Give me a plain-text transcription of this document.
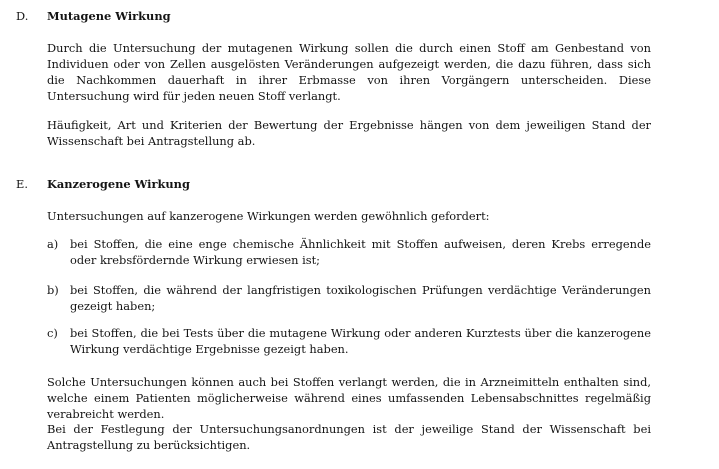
D.	Mutagene Wirkung

Durch die Untersuchung der mutagenen Wirkung sollen die durch einen Stoff am Genbestand von Individuen oder von Zellen ausgelösten Veränderungen aufgezeigt werden, die dazu führen, dass sich die Nachkommen dauerhaft in ihrer Erbmasse von ihren Vorgängern unterscheiden. Diese Untersuchung wird für jeden neuen Stoff verlangt.

Häufigkeit, Art und Kriterien der Bewertung der Ergebnisse hängen von dem jeweiligen Stand der Wissenschaft bei Antragstellung ab.

E.	Kanzerogene Wirkung

Untersuchungen auf kanzerogene Wirkungen werden gewöhnlich gefordert:

a)	bei Stoffen, die eine enge chemische Ähnlichkeit mit Stoffen aufweisen, deren Krebs erregende oder krebsfördernde Wirkung erwiesen ist;
b) bei Stoffen, die während der langfristigen toxikologischen Prüfungen verdächtige Veränderungen gezeigt haben;
c)	bei Stoffen, die bei Tests über die mutagene Wirkung oder anderen Kurztests über die kanzerogene Wirkung verdächtige Ergebnisse gezeigt haben.

Solche Untersuchungen können auch bei Stoffen verlangt werden, die in Arzneimitteln enthalten sind, welche einem Patienten möglicherweise während eines umfassenden Lebensabschnittes regelmäßig verabreicht werden.

Bei der Festlegung der Untersuchungsanordnungen ist der jeweilige Stand der Wissenschaft bei Antragstellung zu berücksichtigen.
